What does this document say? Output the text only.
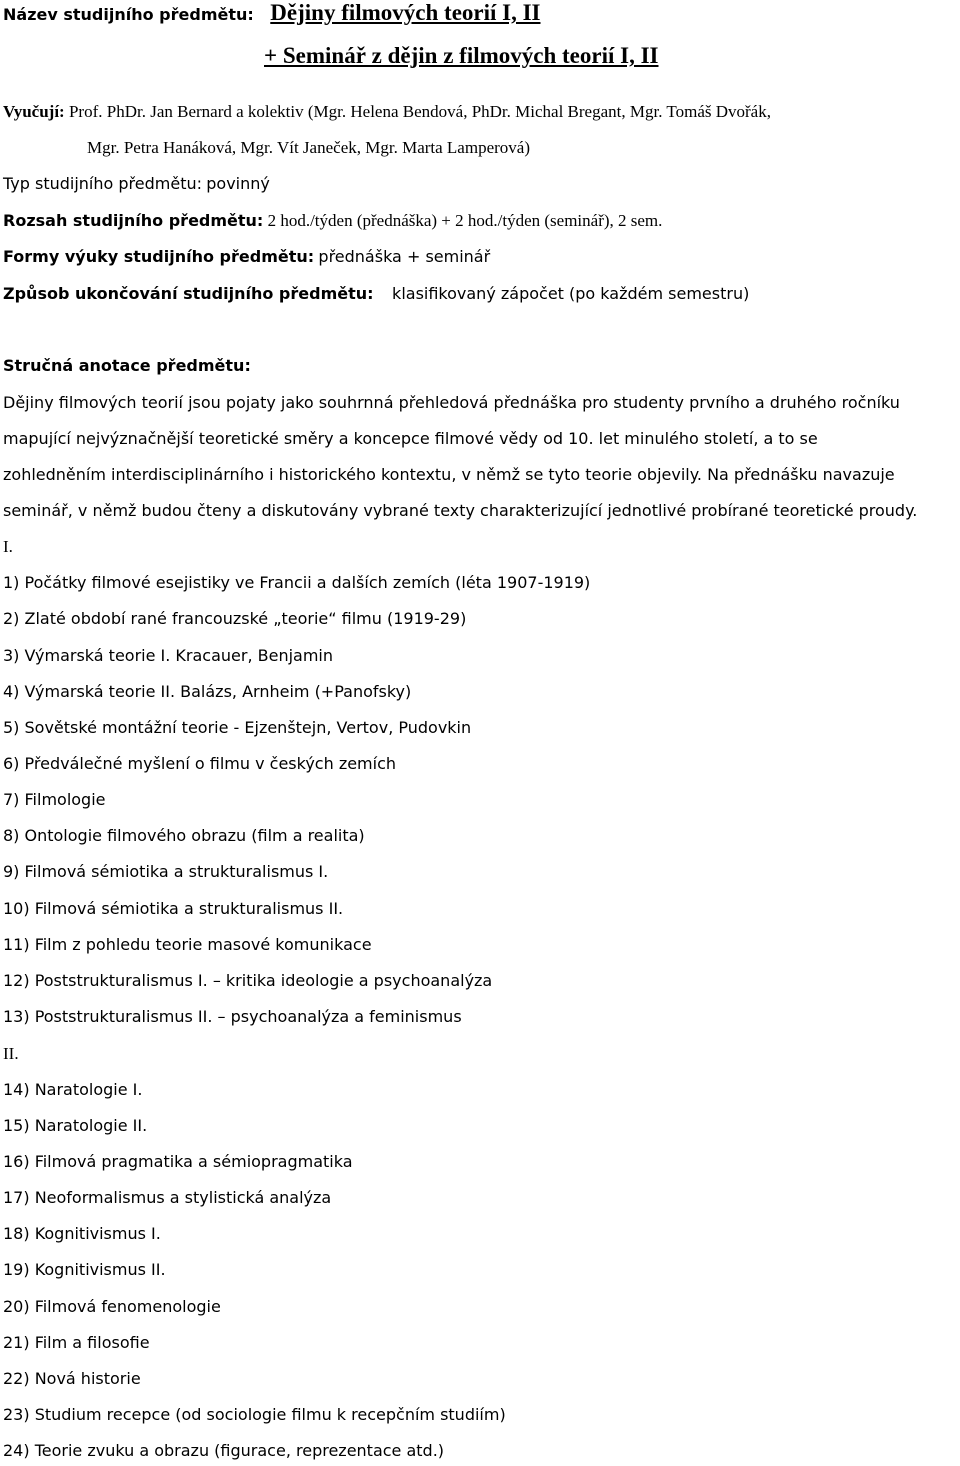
Název studijního předmětu: Dějiny filmových teorií I, II
+ Seminář z dějin z filmových teorií I, II
Vyučují: Prof. PhDr. Jan Bernard a kolektiv (Mgr. Helena Bendová, PhDr. Michal Bregant, Mgr. Tomáš Dvořák,
Mgr. Petra Hanáková, Mgr. Vít Janeček, Mgr. Marta Lamperová)
Typ studijního předmětu: povinný
Rozsah studijního předmětu: 2 hod./týden (přednáška) + 2 hod./týden (seminář), 2 sem.
Formy výuky studijního předmětu: přednáška + seminář
Způsob ukončování studijního předmětu: klasifikovaný zápočet (po každém semestru)
Stručná anotace předmětu:
Dějiny filmových teorií jsou pojaty jako souhrnná přehledová přednáška pro studenty prvního a druhého ročníku
mapující nejvýznačnější teoretické směry a koncepce filmové vědy od 10. let minulého století, a to se
zohledněním interdisciplinárního i historického kontextu, v němž se tyto teorie objevily. Na přednášku navazuje
seminář, v němž budou čteny a diskutovány vybrané texty charakterizující jednotlivé probírané teoretické proudy.
I.
1) Počátky filmové esejistiky ve Francii a dalších zemích (léta 1907-1919)
2) Zlaté období rané francouzské „teorie“ filmu (1919-29)
3) Výmarská teorie I. Kracauer, Benjamin
4) Výmarská teorie II. Balázs, Arnheim (+Panofsky)
5) Sovětské montážní teorie - Ejzenštejn, Vertov, Pudovkin
6) Předválečné myšlení o filmu v českých zemích
7) Filmologie
8) Ontologie filmového obrazu (film a realita)
9) Filmová sémiotika a strukturalismus I.
10) Filmová sémiotika a strukturalismus II.
11) Film z pohledu teorie masové komunikace
12) Poststrukturalismus I. – kritika ideologie a psychoanalýza
13) Poststrukturalismus II. – psychoanalýza a feminismus
II.
14) Naratologie I.
15) Naratologie II.
16) Filmová pragmatika a sémiopragmatika
17) Neoformalismus a stylistická analýza
18) Kognitivismus I.
19) Kognitivismus II.
20) Filmová fenomenologie
21) Film a filosofie
22) Nová historie
23) Studium recepce (od sociologie filmu k recepčním studiím)
24) Teorie zvuku a obrazu (figurace, reprezentace atd.)
